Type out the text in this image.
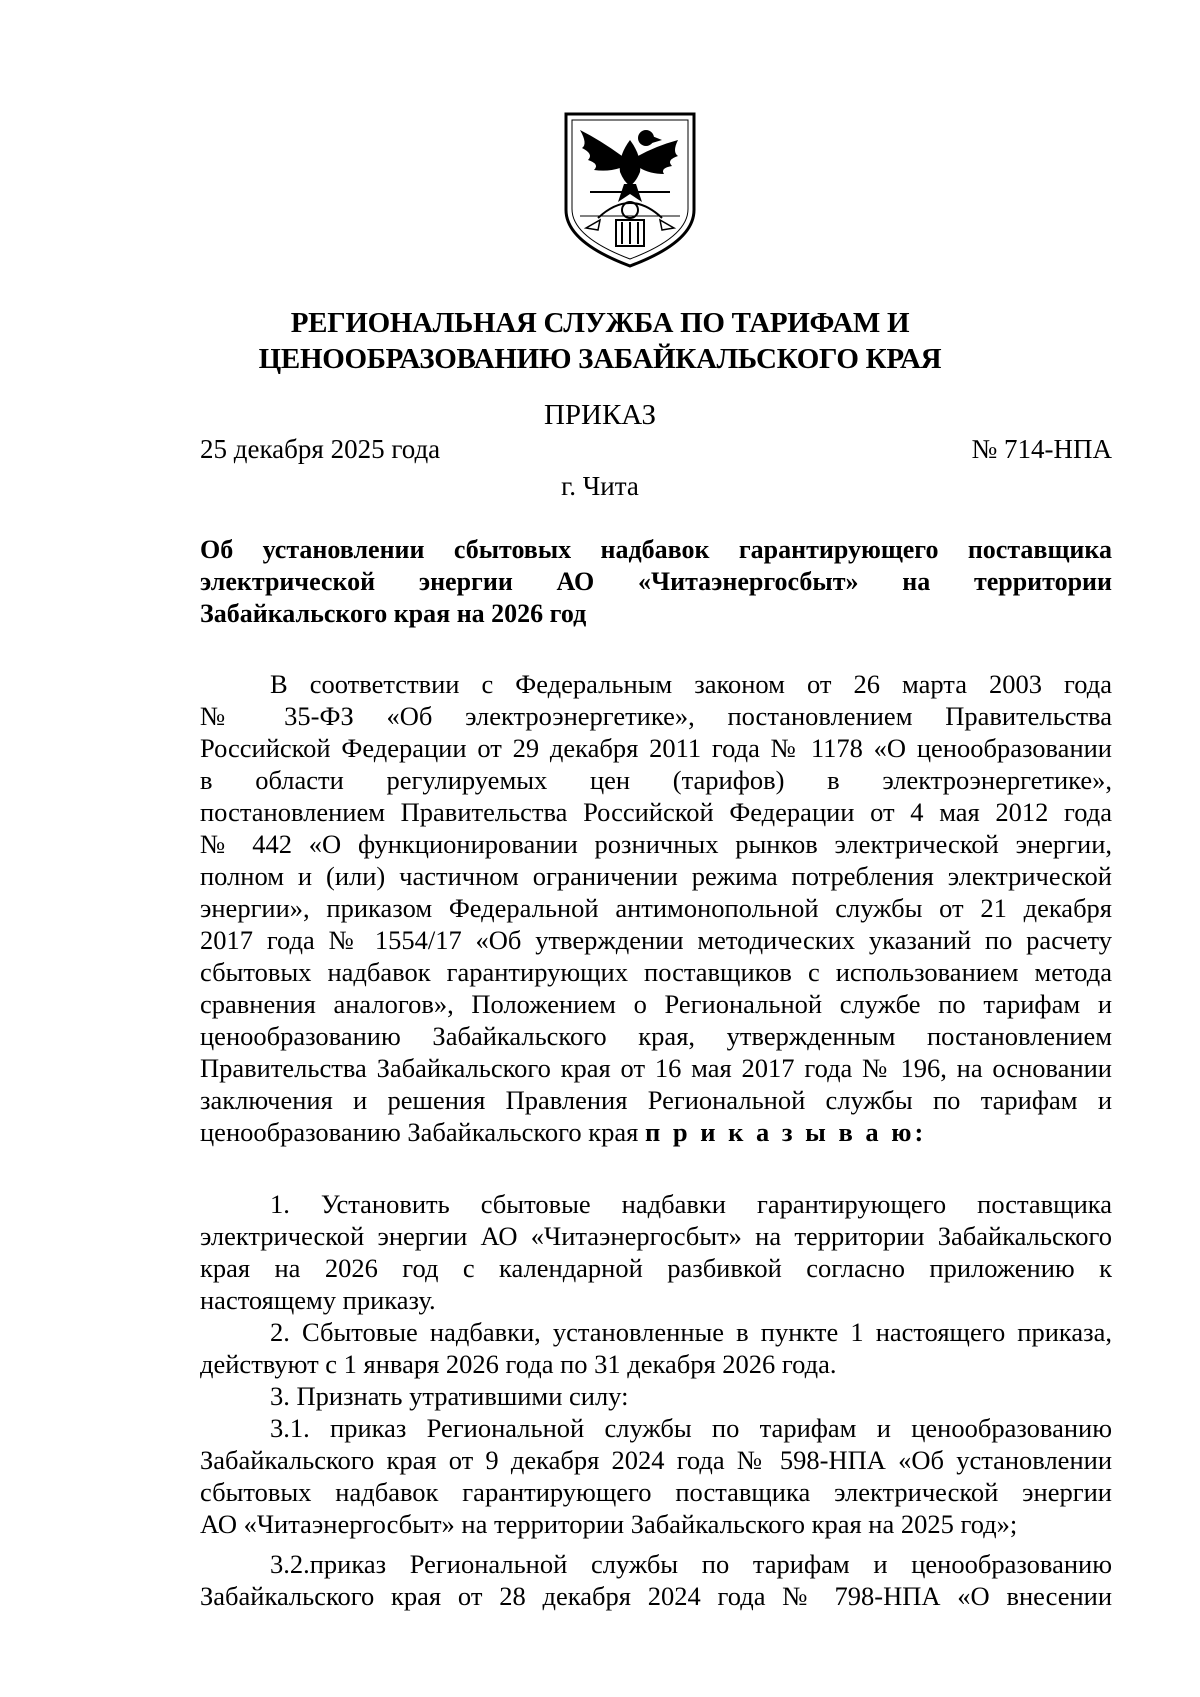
РЕГИОНАЛЬНАЯ СЛУЖБА ПО ТАРИФАМ И
ЦЕНООБРАЗОВАНИЮ ЗАБАЙКАЛЬСКОГО КРАЯ
ПРИКАЗ
25 декабря 2025 года	№ 714-НПА
г. Чита
Об установлении сбытовых надбавок гарантирующего поставщика
электрической энергии АО «Читаэнергосбыт» на территории
Забайкальского края на 2026 год
В соответствии с Федеральным законом от 26 марта 2003 года
№ 35-ФЗ «Об электроэнергетике», постановлением Правительства
Российской Федерации от 29 декабря 2011 года № 1178 «О ценообразовании
в области регулируемых цен (тарифов) в электроэнергетике»,
постановлением Правительства Российской Федерации от 4 мая 2012 года
№ 442 «О функционировании розничных рынков электрической энергии,
полном и (или) частичном ограничении режима потребления электрической
энергии», приказом Федеральной антимонопольной службы от 21 декабря
2017 года № 1554/17 «Об утверждении методических указаний по расчету
сбытовых надбавок гарантирующих поставщиков с использованием метода
сравнения аналогов», Положением о Региональной службе по тарифам и
ценообразованию Забайкальского края, утвержденным постановлением
Правительства Забайкальского края от 16 мая 2017 года № 196, на основании
заключения и решения Правления Региональной службы по тарифам и
ценообразованию Забайкальского края п р и к а з ы в а ю:
1. Установить сбытовые надбавки гарантирующего поставщика
электрической энергии АО «Читаэнергосбыт» на территории Забайкальского
края на 2026 год с календарной разбивкой согласно приложению к
настоящему приказу.
2. Сбытовые надбавки, установленные в пункте 1 настоящего приказа,
действуют с 1 января 2026 года по 31 декабря 2026 года.
3. Признать утратившими силу:
3.1. приказ Региональной службы по тарифам и ценообразованию
Забайкальского края от 9 декабря 2024 года № 598-НПА «Об установлении
сбытовых надбавок гарантирующего поставщика электрической энергии
АО «Читаэнергосбыт» на территории Забайкальского края на 2025 год»;
3.2.приказ Региональной службы по тарифам и ценообразованию
Забайкальского края от 28 декабря 2024 года № 798-НПА «О внесении
